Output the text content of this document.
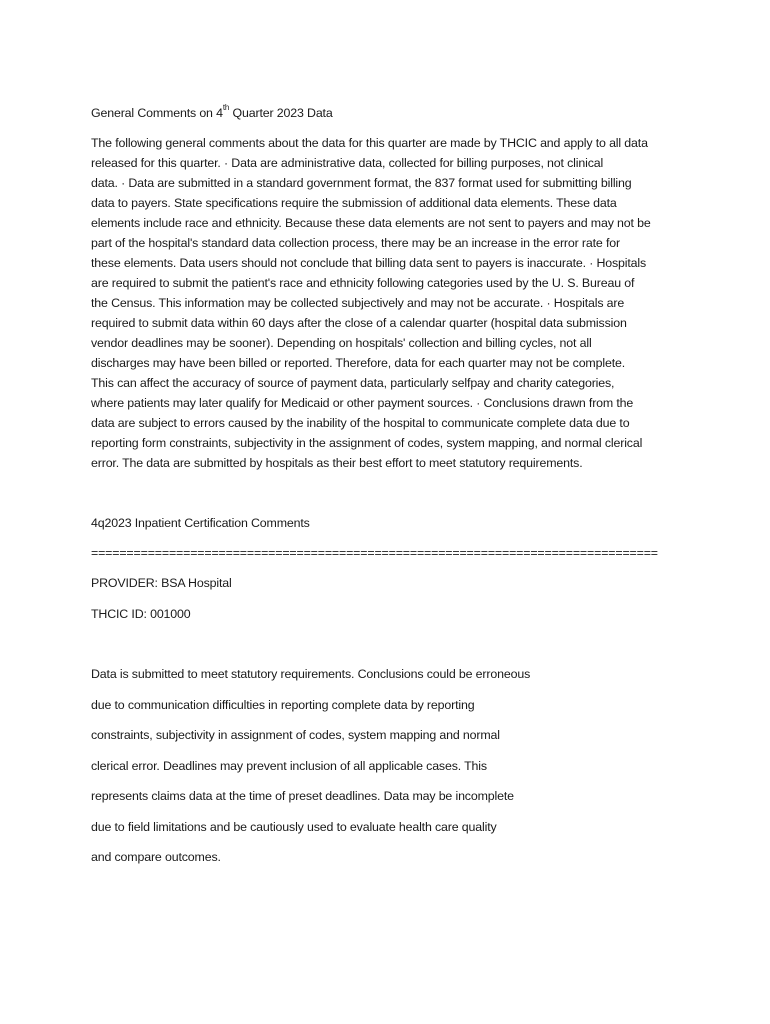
General Comments on 4th Quarter 2023 Data
The following general comments about the data for this quarter are made by THCIC and apply to all data
released for this quarter. · Data are administrative data, collected for billing purposes, not clinical
data. · Data are submitted in a standard government format, the 837 format used for submitting billing
data to payers. State specifications require the submission of additional data elements. These data
elements include race and ethnicity. Because these data elements are not sent to payers and may not be
part of the hospital's standard data collection process, there may be an increase in the error rate for
these elements. Data users should not conclude that billing data sent to payers is inaccurate. · Hospitals
are required to submit the patient's race and ethnicity following categories used by the U. S. Bureau of
the Census. This information may be collected subjectively and may not be accurate. · Hospitals are
required to submit data within 60 days after the close of a calendar quarter (hospital data submission
vendor deadlines may be sooner). Depending on hospitals' collection and billing cycles, not all
discharges may have been billed or reported. Therefore, data for each quarter may not be complete.
This can affect the accuracy of source of payment data, particularly selfpay and charity categories,
where patients may later qualify for Medicaid or other payment sources. · Conclusions drawn from the
data are subject to errors caused by the inability of the hospital to communicate complete data due to
reporting form constraints, subjectivity in the assignment of codes, system mapping, and normal clerical
error. The data are submitted by hospitals as their best effort to meet statutory requirements.
4q2023 Inpatient Certification Comments
================================================================================
PROVIDER: BSA Hospital
THCIC ID: 001000
Data is submitted to meet statutory requirements. Conclusions could be erroneous
due to communication difficulties in reporting complete data by reporting
constraints, subjectivity in assignment of codes, system mapping and normal
clerical error. Deadlines may prevent inclusion of all applicable cases. This
represents claims data at the time of preset deadlines. Data may be incomplete
due to field limitations and be cautiously used to evaluate health care quality
and compare outcomes.
